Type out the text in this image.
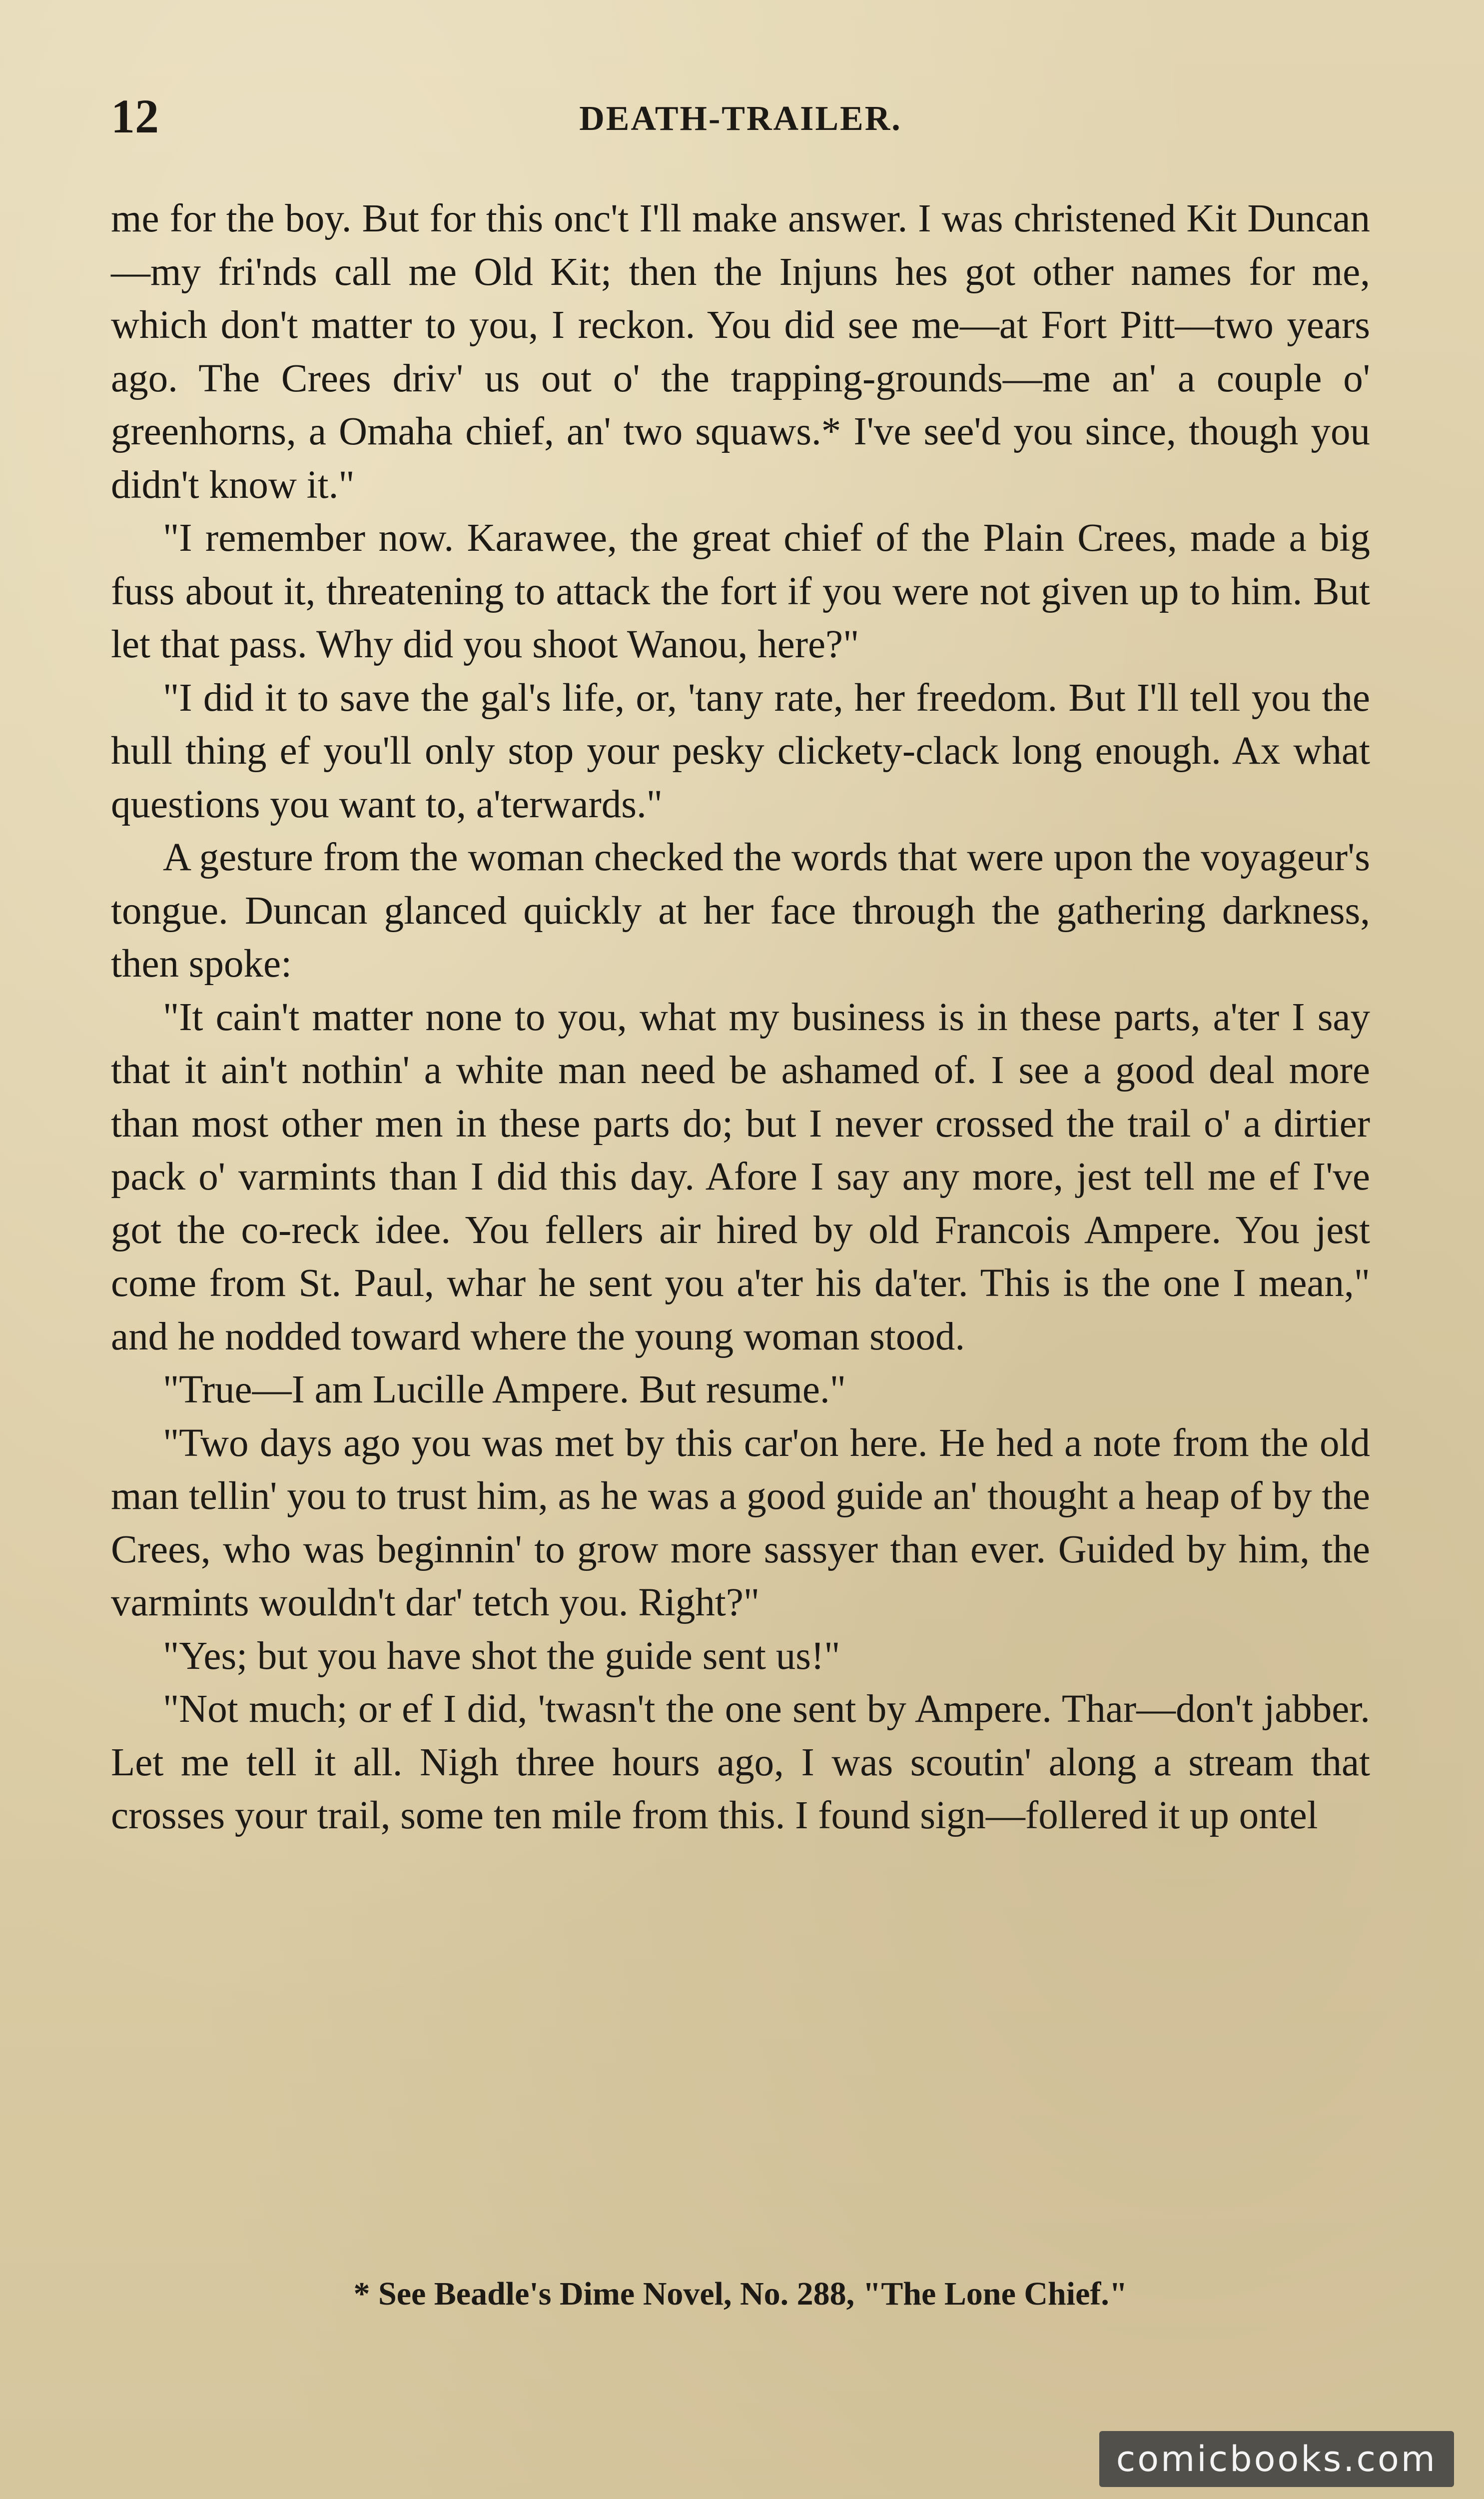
12	DEATH-TRAILER.

me for the boy. But for this onc't I'll make answer. I was christened Kit Duncan—my fri'nds call me Old Kit; then the Injuns hes got other names for me, which don't matter to you, I reckon. You did see me—at Fort Pitt—two years ago. The Crees driv' us out o' the trapping-grounds—me an' a couple o' greenhorns, a Omaha chief, an' two squaws.* I've see'd you since, though you didn't know it."

"I remember now. Karawee, the great chief of the Plain Crees, made a big fuss about it, threatening to attack the fort if you were not given up to him. But let that pass. Why did you shoot Wanou, here?"

"I did it to save the gal's life, or, 'tany rate, her freedom. But I'll tell you the hull thing ef you'll only stop your pesky clickety-clack long enough. Ax what questions you want to, a'terwards."

A gesture from the woman checked the words that were upon the voyageur's tongue. Duncan glanced quickly at her face through the gathering darkness, then spoke:

"It cain't matter none to you, what my business is in these parts, a'ter I say that it ain't nothin' a white man need be ashamed of. I see a good deal more than most other men in these parts do; but I never crossed the trail o' a dirtier pack o' varmints than I did this day. Afore I say any more, jest tell me ef I've got the co-reck idee. You fellers air hired by old Francois Ampere. You jest come from St. Paul, whar he sent you a'ter his da'ter. This is the one I mean," and he nodded toward where the young woman stood.

"True—I am Lucille Ampere. But resume."

"Two days ago you was met by this car'on here. He hed a note from the old man tellin' you to trust him, as he was a good guide an' thought a heap of by the Crees, who was beginnin' to grow more sassyer than ever. Guided by him, the varmints wouldn't dar' tetch you. Right?"

"Yes; but you have shot the guide sent us!"

"Not much; or ef I did, 'twasn't the one sent by Ampere. Thar—don't jabber. Let me tell it all. Nigh three hours ago, I was scoutin' along a stream that crosses your trail, some ten mile from this. I found sign—follered it up ontel

* See Beadle's Dime Novel, No. 288, "The Lone Chief."
comicbooks.com
